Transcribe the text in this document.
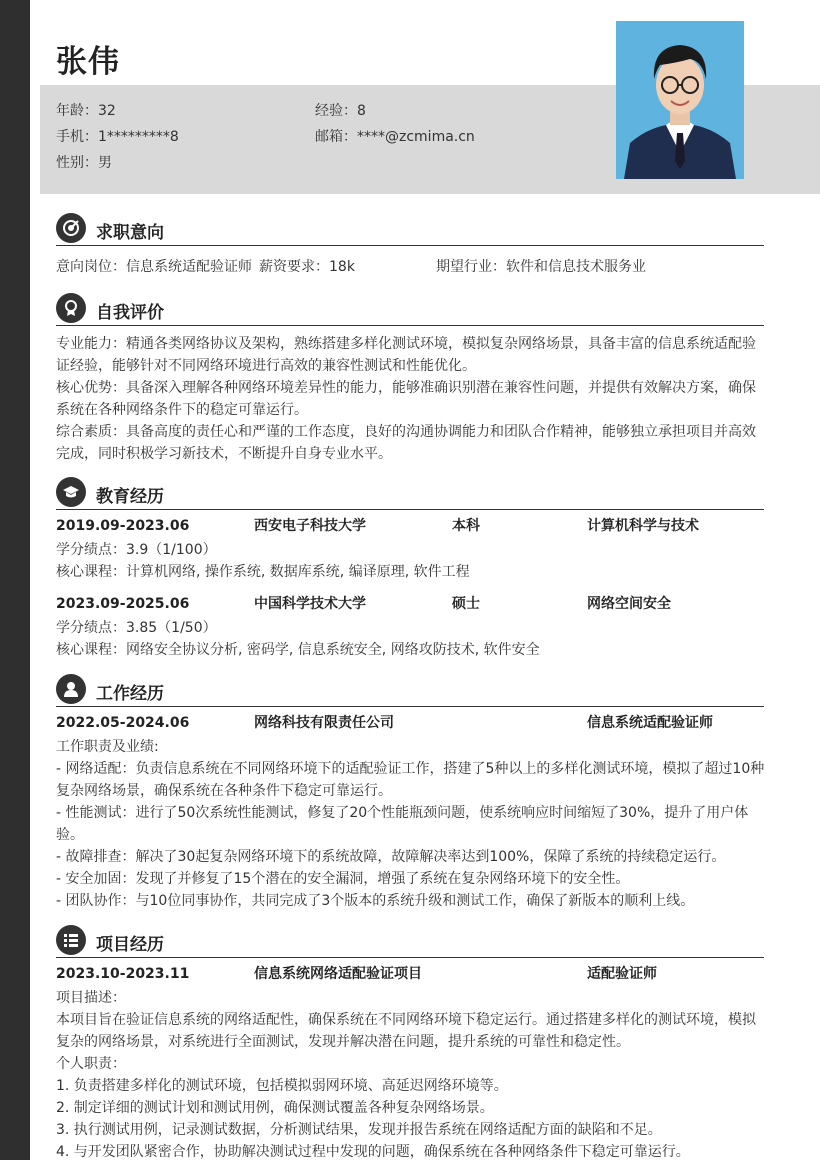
张伟
年龄：32	经验：8
手机：1*********8	邮箱：****@zcmima.cn
性别：男
求职意向
意向岗位：信息系统适配验证师 薪资要求：18k	期望行业：软件和信息技术服务业
自我评价
专业能力：精通各类网络协议及架构，熟练搭建多样化测试环境，模拟复杂网络场景，具备丰富的信息系统适配验证经验，能够针对不同网络环境进行高效的兼容性测试和性能优化。
核心优势：具备深入理解各种网络环境差异性的能力，能够准确识别潜在兼容性问题，并提供有效解决方案，确保系统在各种网络条件下的稳定可靠运行。
综合素质：具备高度的责任心和严谨的工作态度，良好的沟通协调能力和团队合作精神，能够独立承担项目并高效完成，同时积极学习新技术，不断提升自身专业水平。
教育经历
2019.09-2023.06	西安电子科技大学	本科	计算机科学与技术
学分绩点：3.9（1/100）
核心课程：计算机网络, 操作系统, 数据库系统, 编译原理, 软件工程
2023.09-2025.06	中国科学技术大学	硕士	网络空间安全
学分绩点：3.85（1/50）
核心课程：网络安全协议分析, 密码学, 信息系统安全, 网络攻防技术, 软件安全
工作经历
2022.05-2024.06	网络科技有限责任公司	信息系统适配验证师
工作职责及业绩:
- 网络适配：负责信息系统在不同网络环境下的适配验证工作，搭建了5种以上的多样化测试环境，模拟了超过10种复杂网络场景，确保系统在各种条件下稳定可靠运行。
- 性能测试：进行了50次系统性能测试，修复了20个性能瓶颈问题，使系统响应时间缩短了30%，提升了用户体验。
- 故障排查：解决了30起复杂网络环境下的系统故障，故障解决率达到100%，保障了系统的持续稳定运行。
- 安全加固：发现了并修复了15个潜在的安全漏洞，增强了系统在复杂网络环境下的安全性。
- 团队协作：与10位同事协作，共同完成了3个版本的系统升级和测试工作，确保了新版本的顺利上线。
项目经历
2023.10-2023.11	信息系统网络适配验证项目	适配验证师
项目描述：
本项目旨在验证信息系统的网络适配性，确保系统在不同网络环境下稳定运行。通过搭建多样化的测试环境，模拟复杂的网络场景，对系统进行全面测试，发现并解决潜在问题，提升系统的可靠性和稳定性。
个人职责：
1. 负责搭建多样化的测试环境，包括模拟弱网环境、高延迟网络环境等。
2. 制定详细的测试计划和测试用例，确保测试覆盖各种复杂网络场景。
3. 执行测试用例，记录测试数据，分析测试结果，发现并报告系统在网络适配方面的缺陷和不足。
4. 与开发团队紧密合作，协助解决测试过程中发现的问题，确保系统在各种网络条件下稳定可靠运行。
